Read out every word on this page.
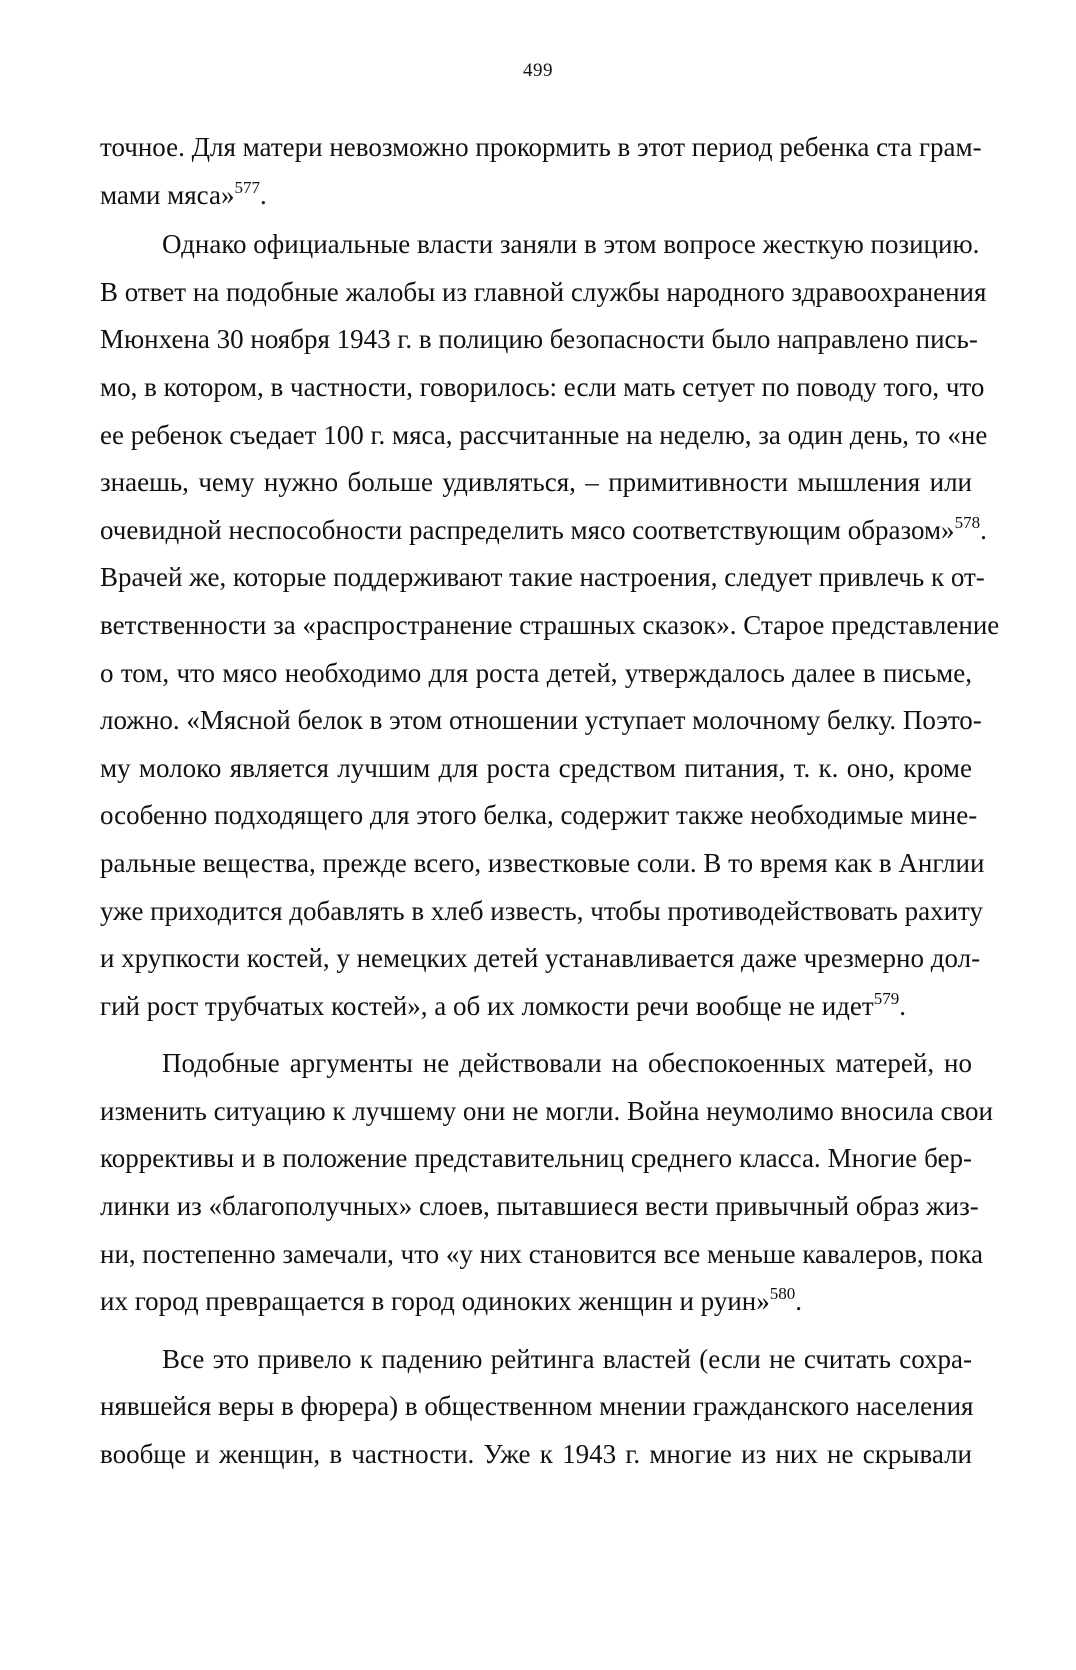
499
точное. Для матери невозможно прокормить в этот период ребенка ста грам-
мами мяса»$^{577}$.
Однако официальные власти заняли в этом вопросе жесткую позицию.
В ответ на подобные жалобы из главной службы народного здравоохранения
Мюнхена 30 ноября 1943 г. в полицию безопасности было направлено пись-
мо, в котором, в частности, говорилось: если мать сетует по поводу того, что
ее ребенок съедает 100 г. мяса, рассчитанные на неделю, за один день, то «не
знаешь, чему нужно больше удивляться, – примитивности мышления или
очевидной неспособности распределить мясо соответствующим образом»$^{578}$.
Врачей же, которые поддерживают такие настроения, следует привлечь к от-
ветственности за «распространение страшных сказок». Старое представление
о том, что мясо необходимо для роста детей, утверждалось далее в письме,
ложно. «Мясной белок в этом отношении уступает молочному белку. Поэто-
му молоко является лучшим для роста средством питания, т. к. оно, кроме
особенно подходящего для этого белка, содержит также необходимые мине-
ральные вещества, прежде всего, известковые соли. В то время как в Англии
уже приходится добавлять в хлеб известь, чтобы противодействовать рахиту
и хрупкости костей, у немецких детей устанавливается даже чрезмерно дол-
гий рост трубчатых костей», а об их ломкости речи вообще не идет$^{579}$.
Подобные аргументы не действовали на обеспокоенных матерей, но
изменить ситуацию к лучшему они не могли. Война неумолимо вносила свои
коррективы и в положение представительниц среднего класса. Многие бер-
линки из «благополучных» слоев, пытавшиеся вести привычный образ жиз-
ни, постепенно замечали, что «у них становится все меньше кавалеров, пока
их город превращается в город одиноких женщин и руин»$^{580}$.
Все это привело к падению рейтинга властей (если не считать сохра-
нявшейся веры в фюрера) в общественном мнении гражданского населения
вообще и женщин, в частности. Уже к 1943 г. многие из них не скрывали
